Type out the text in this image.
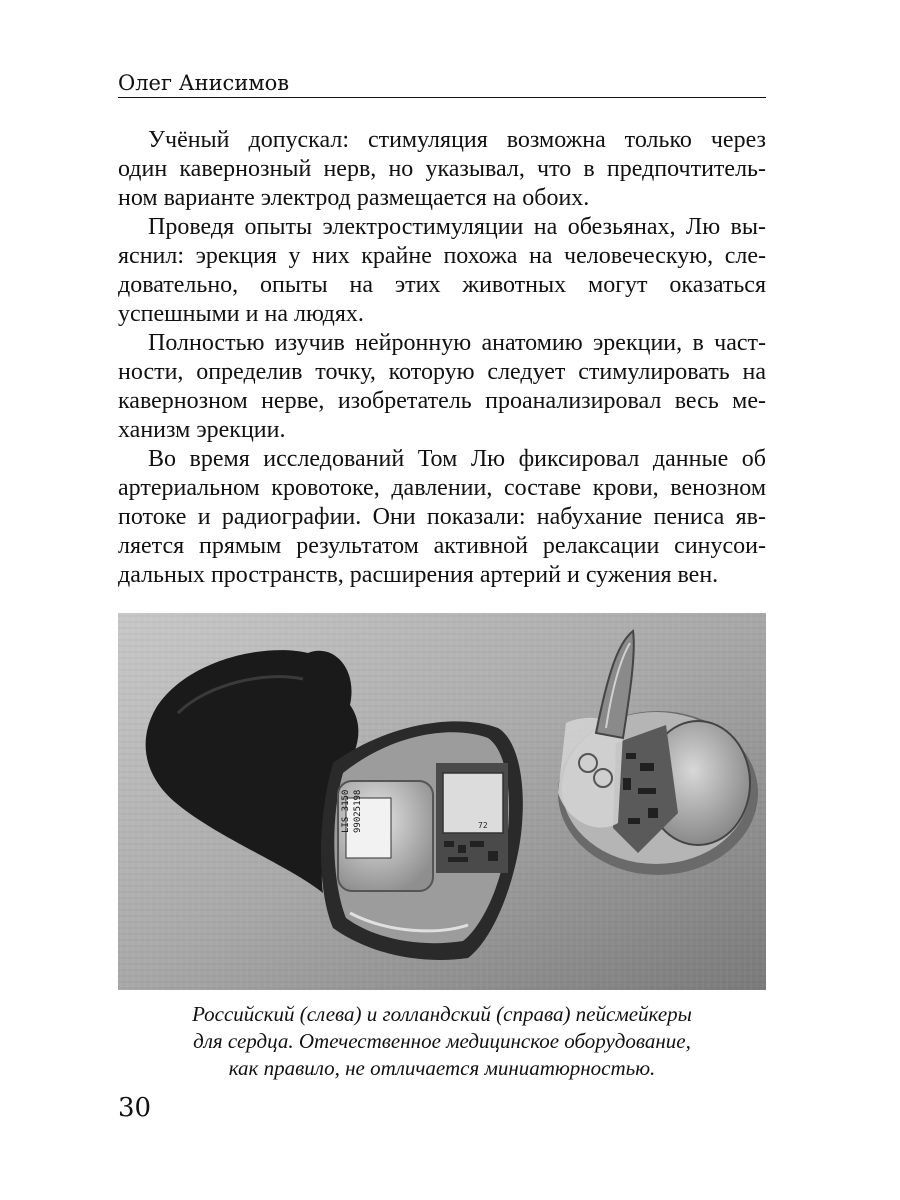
Олег Анисимов

Учёный допускал: стимуляция возможна только через
один кавернозный нерв, но указывал, что в предпочтитель-
ном варианте электрод размещается на обоих.

Проведя опыты электростимуляции на обезьянах, Лю вы-
яснил: эрекция у них крайне похожа на человеческую, сле-
довательно, опыты на этих животных могут оказаться
успешными и на людях.

Полностью изучив нейронную анатомию эрекции, в част-
ности, определив точку, которую следует стимулировать на
кавернозном нерве, изобретатель проанализировал весь ме-
ханизм эрекции.

Во время исследований Том Лю фиксировал данные об
артериальном кровотоке, давлении, составе крови, венозном
потоке и радиографии. Они показали: набухание пениса яв-
ляется прямым результатом активной релаксации синусои-
дальных пространств, расширения артерий и сужения вен.

LIS 3150 99025198	72
Российский (слева) и голландский (справа) пейсмейкеры
для сердца. Отечественное медицинское оборудование,
как правило, не отличается миниатюрностью.
30
